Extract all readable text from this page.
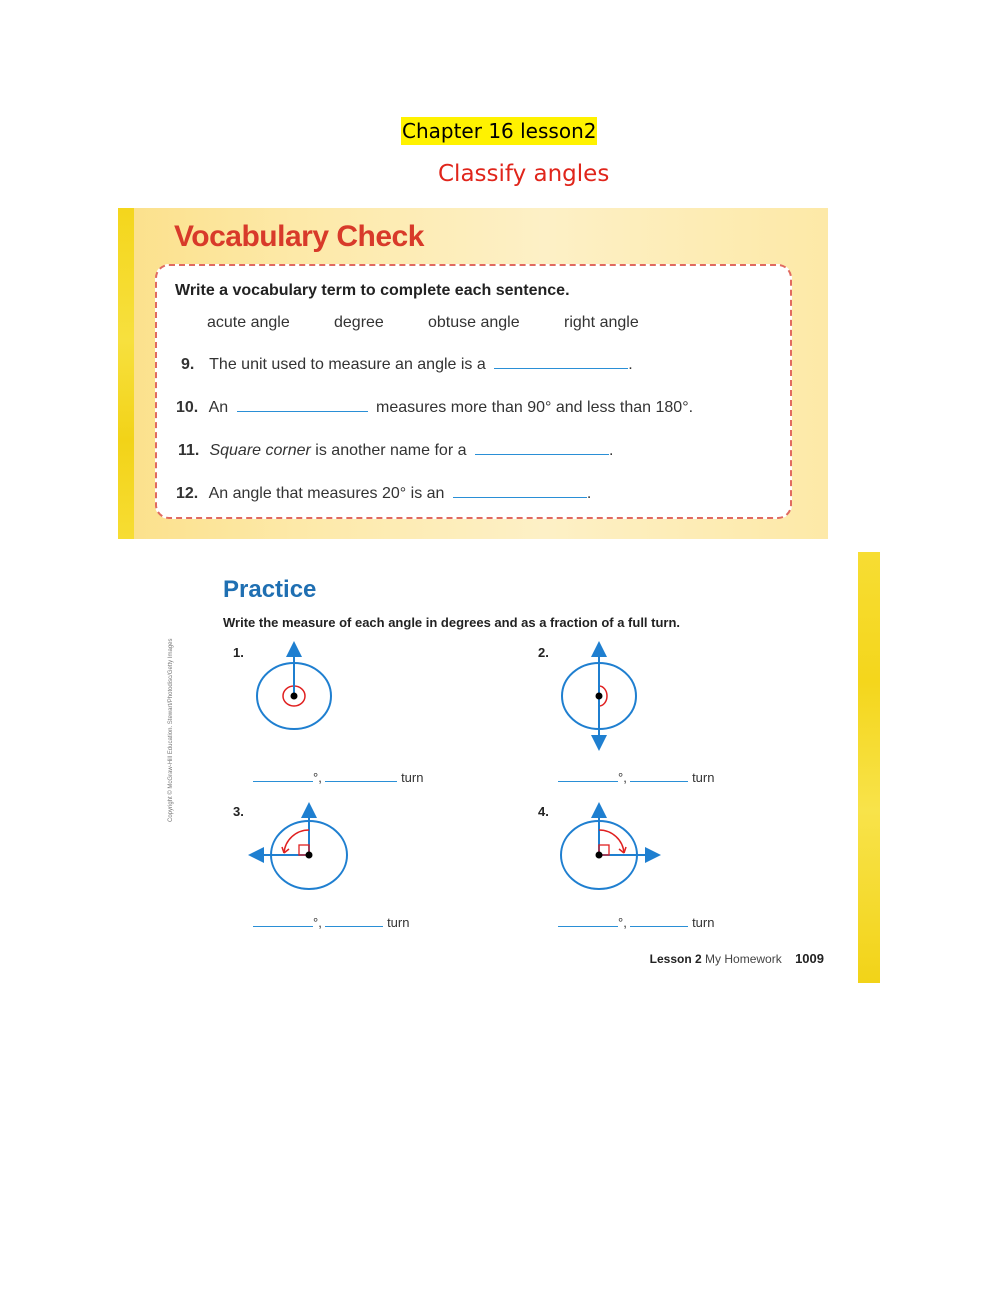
Chapter 16 lesson2
Classify angles
Vocabulary Check
Write a vocabulary term to complete each sentence.
acute angle	degree	obtuse angle	right angle
9. The unit used to measure an angle is a	.
10. An	measures more than 90° and less than 180°.
11. Square corner is another name for a	.
12. An angle that measures 20° is an	.
Practice
Write the measure of each angle in degrees and as a fraction of a full turn.
Copyright © McGraw-Hill Education. Stewart/Photodisc/Getty Images	1.
°,	turn
2.
°,	turn
3.
°,	turn
4.
°,	turn
Lesson 2 My Homework 1009
